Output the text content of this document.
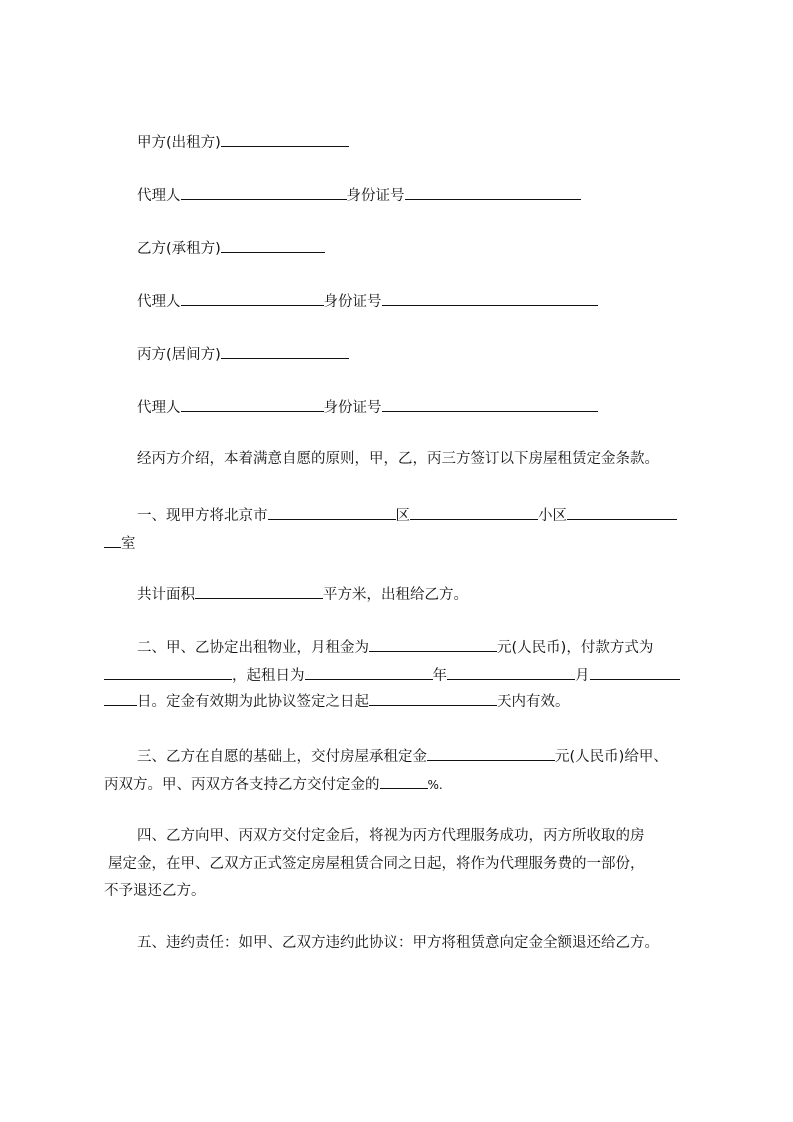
甲方(出租方)
代理人	身份证号
乙方(承租方)
代理人	身份证号
丙方(居间方)
代理人	身份证号
经丙方介绍，本着满意自愿的原则，甲，乙，丙三方签订以下房屋租赁定金条款。
一、现甲方将北京市	区	小区
室
共计面积	平方米，出租给乙方。
二、甲、乙协定出租物业，月租金为	元(人民币)，付款方式为
，起租日为	年	月
日。定金有效期为此协议签定之日起	天内有效。
三、乙方在自愿的基础上，交付房屋承租定金	元(人民币)给甲、
丙双方。甲、丙双方各支持乙方交付定金的	%.
四、乙方向甲、丙双方交付定金后，将视为丙方代理服务成功，丙方所收取的房
屋定金，在甲、乙双方正式签定房屋租赁合同之日起，将作为代理服务费的一部份，
不予退还乙方。
五、违约责任：如甲、乙双方违约此协议：甲方将租赁意向定金全额退还给乙方。
